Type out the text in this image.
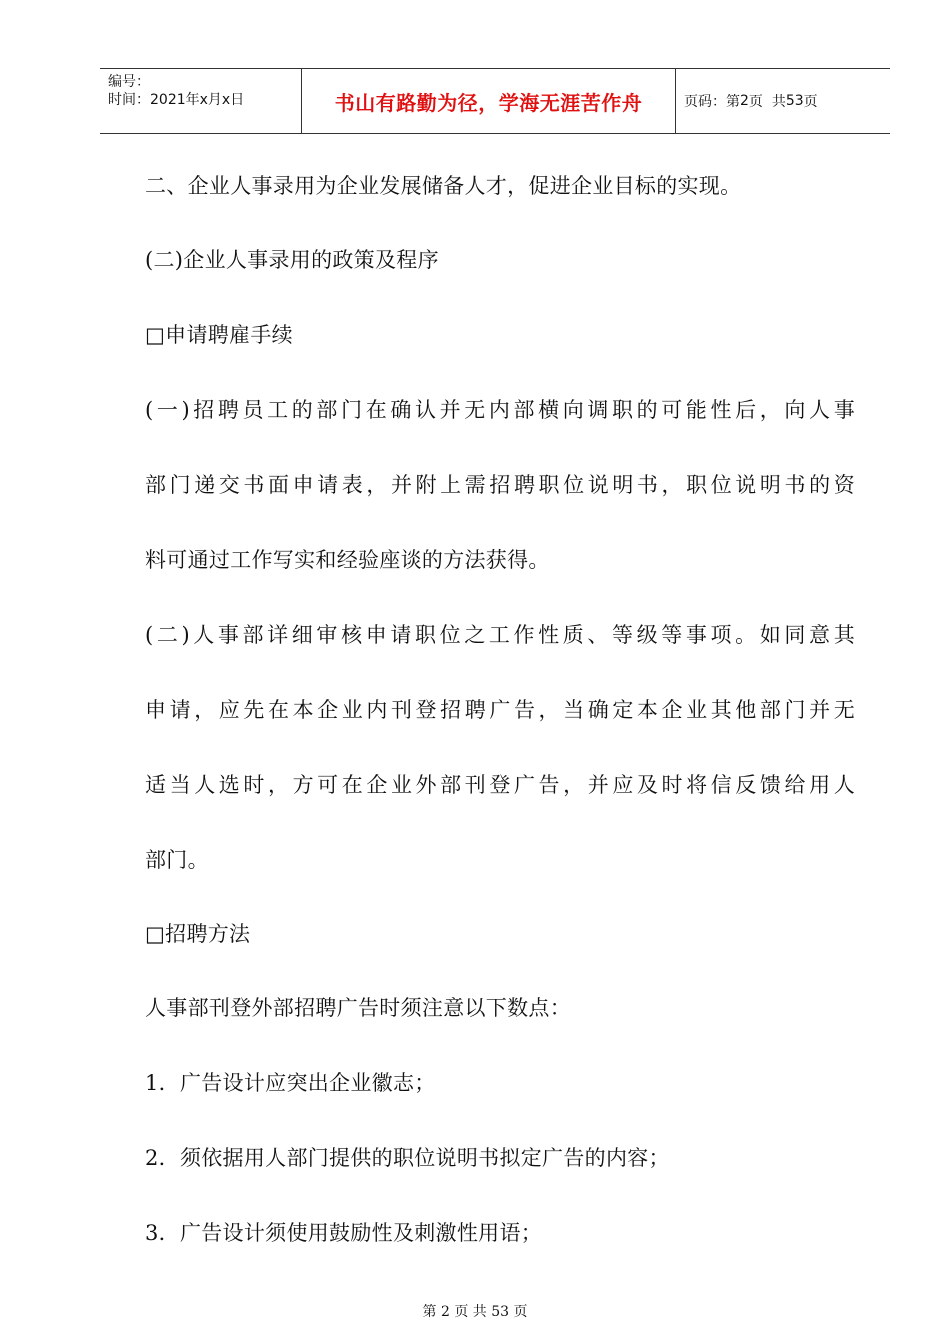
编号：
时间：2021年x月x日	书山有路勤为径，学海无涯苦作舟	页码：第 2 页  共 53 页
二、企业人事录用为企业发展储备人才，促进企业目标的实现。
(二)企业人事录用的政策及程序
□申请聘雇手续
(一)招聘员工的部门在确认并无内部横向调职的可能性后，向人事
部门递交书面申请表，并附上需招聘职位说明书，职位说明书的资
料可通过工作写实和经验座谈的方法获得。
(二)人事部详细审核申请职位之工作性质、等级等事项。如同意其
申请，应先在本企业内刊登招聘广告，当确定本企业其他部门并无
适当人选时，方可在企业外部刊登广告，并应及时将信反馈给用人
部门。
□招聘方法
人事部刊登外部招聘广告时须注意以下数点：
1．广告设计应突出企业徽志；
2．须依据用人部门提供的职位说明书拟定广告的内容；
3．广告设计须使用鼓励性及刺激性用语；
第 2 页 共 53 页
